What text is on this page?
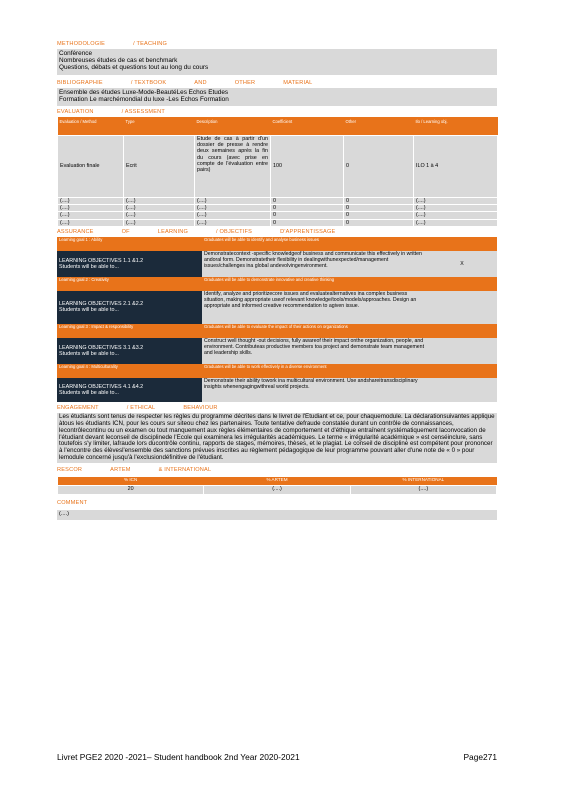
METHODOLOGIE	/ TEACHING
Conférence
Nombreuses études de cas et benchmark
Questions, débats et questions tout au long du cours
BIBLIOGRAPHIE	/ TEXTBOOK	AND	OTHER	MATERIAL
Ensemble des études Luxe-Mode-BeautéLes Echos Etudes
Formation Le marchémondial du luxe -Les Echos Formation
EVALUATION	/ ASSESSMENT
Evaluation / Method	Type	Description	Coefficient	Other	Ilo / Learning obj.
Evaluation finale	Ecrit	Etude de cas à partir d'un dossier de presse à rendre deux semaines après la fin du cours (avec prise en compte de l'évaluation entre pairs)	100	0	ILO 1 à 4
(....)	(....)	(....)	0	0	(....)
(....)	(....)	(....)	0	0	(....)
(....)	(....)	(....)	0	0	(....)
(....)	(....)	(....)	0	0	(....)
ASSURANCE	OF	LEARNING	/ OBJECTIFS	D'APPRENTISSAGE
Learning goal 1 : Ability	Graduates will be able to identify and analyse business issues	

LEARNING OBJECTIVES 1.1 &1.2
Students will be able to...	Demonstratecontext -specific knowledgeof business and communicate this effectively in written andoral form. Demonstratetheir flexibility in dealingwithunexpected/management issues/challenges ina global andevolvingenvironment.	X
Learning goal 2 : Creativity	Graduates will be able to demonstrate innovative and creative thinking	

LEARNING OBJECTIVES 2.1 &2.2
Students will be able to...	Identify, analyze and prioritizecore issues and evaluatealternatives ina complex business situation, making appropriate useof relevant knowledge/tools/models/approaches. Design an appropriate and informed creative recommendation to agiven issue.	
Learning goal 3 : Impact & responsibility	Graduates will be able to evaluate the impact of their actions on organizations	

LEARNING OBJECTIVES 3.1 &3.2
Students will be able to...	Construct well thought -out decisions, fully awareof their impact onthe organization, people, and environment. Contributeas productive members toa project and demonstrate team management and leadership skills.	
Learning goal 4 : Multiculturality	Graduates will be able to work effectively in a diverse environment	

LEARNING OBJECTIVES 4.1 &4.2
Students will be able to...	Demonstrate their ability towork ina multicultural environment. Use andshareitransdisciplinary insights whenengagingwithreal world projects.	
ENGAGEMENT	/ ETHICAL	BEHAVIOUR
Les étudiants sont tenus de respecter les règles du programme décrites dans le livret de l'Etudiant et ce, pour chaquemodule. La déclarationsuivantes applique àtous les étudiants ICN, pour les cours sur siteou chez les partenaires. Toute tentative defraude constatée durant un contrôle de connaissances, lecontrôlecontinu ou un examen ou tout manquement aux règles élémentaires de comportement et d'éthique entraînent systématiquement laconvocation de l'étudiant devant leconseil de disciplinede l'Ecole qui examinera les irrégularités académiques. Le terme « irrégularité académique » est censéinclure, sans toutefois s'y limiter, lafraude lors ducontrôle continu, rapports de stages, mémoires, thèses, et le plagiat. Le conseil de discipline est compétent pour prononcer à l'encontre des élèvesl'ensemble des sanctions prévues inscrites au règlement pédagogique de leur programme pouvant aller d'une note de « 0 » pour lemodule concerné jusqu'à l'exclusiondéfinitive de l'étudiant.
RESCOR	ARTEM	& INTERNATIONAL
% ICN	% ARTEM	% INTERNATIONAL
20	(....)	(....)
COMMENT
(....)
Livret PGE2 2020 -2021– Student handbook 2nd Year 2020-2021	Page271
